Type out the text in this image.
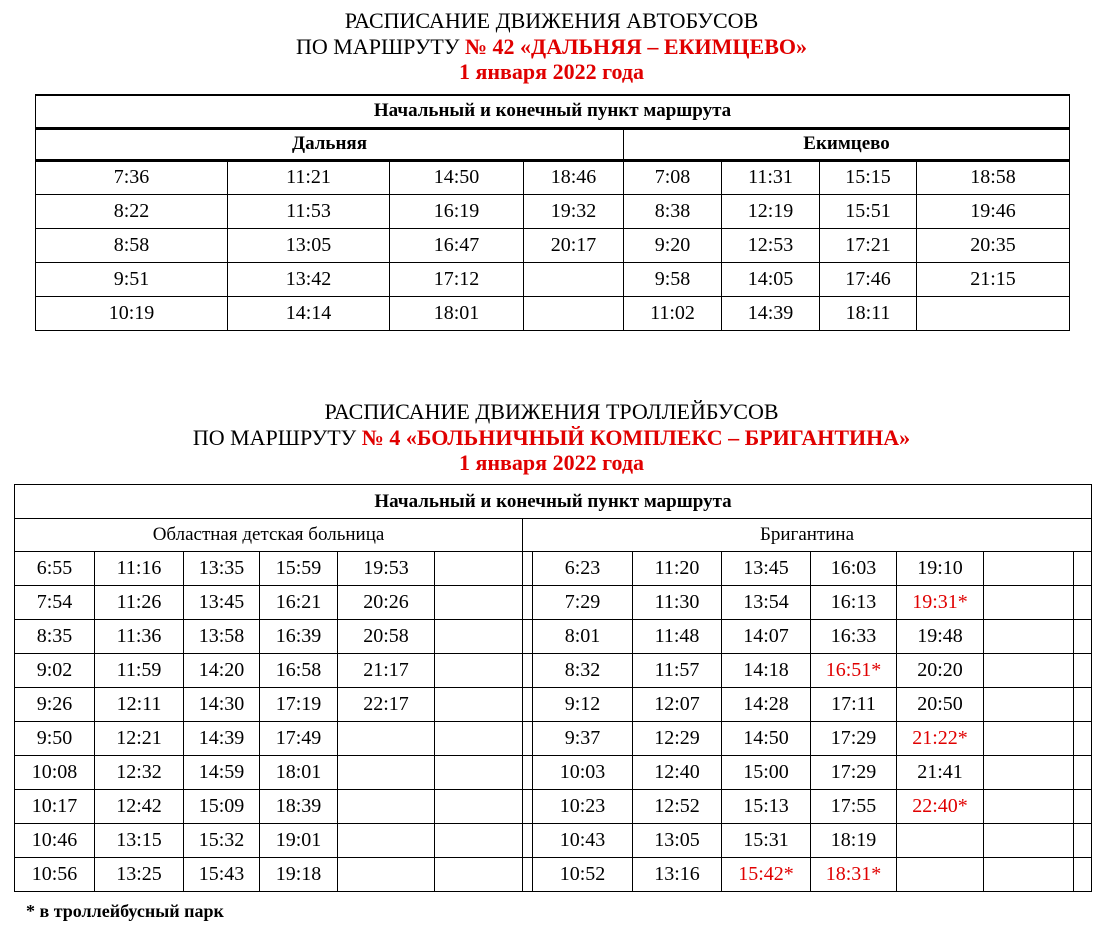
РАСПИСАНИЕ ДВИЖЕНИЯ АВТОБУСОВ
ПО МАРШРУТУ № 42 «ДАЛЬНЯЯ – ЕКИМЦЕВО»
1 января 2022 года
Начальный и конечный пункт маршрута							
Дальняя				Екимцево			
7:36	11:21	14:50	18:46	7:08	11:31	15:15	18:58
8:22	11:53	16:19	19:32	8:38	12:19	15:51	19:46
8:58	13:05	16:47	20:17	9:20	12:53	17:21	20:35
9:51	13:42	17:12		9:58	14:05	17:46	21:15
10:19	14:14	18:01		11:02	14:39	18:11	
РАСПИСАНИЕ ДВИЖЕНИЯ ТРОЛЛЕЙБУСОВ
ПО МАРШРУТУ № 4 «БОЛЬНИЧНЫЙ КОМПЛЕКС – БРИГАНТИНА»
1 января 2022 года
Начальный и конечный пункт маршрута													
Областная детская больница						Бригантина							
6:55	11:16	13:35	15:59	19:53			6:23	11:20	13:45	16:03	19:10		
7:54	11:26	13:45	16:21	20:26			7:29	11:30	13:54	16:13	19:31*		
8:35	11:36	13:58	16:39	20:58			8:01	11:48	14:07	16:33	19:48		
9:02	11:59	14:20	16:58	21:17			8:32	11:57	14:18	16:51*	20:20		
9:26	12:11	14:30	17:19	22:17			9:12	12:07	14:28	17:11	20:50		
9:50	12:21	14:39	17:49				9:37	12:29	14:50	17:29	21:22*		
10:08	12:32	14:59	18:01				10:03	12:40	15:00	17:29	21:41		
10:17	12:42	15:09	18:39				10:23	12:52	15:13	17:55	22:40*		
10:46	13:15	15:32	19:01				10:43	13:05	15:31	18:19			
10:56	13:25	15:43	19:18				10:52	13:16	15:42*	18:31*			
* в троллейбусный парк
